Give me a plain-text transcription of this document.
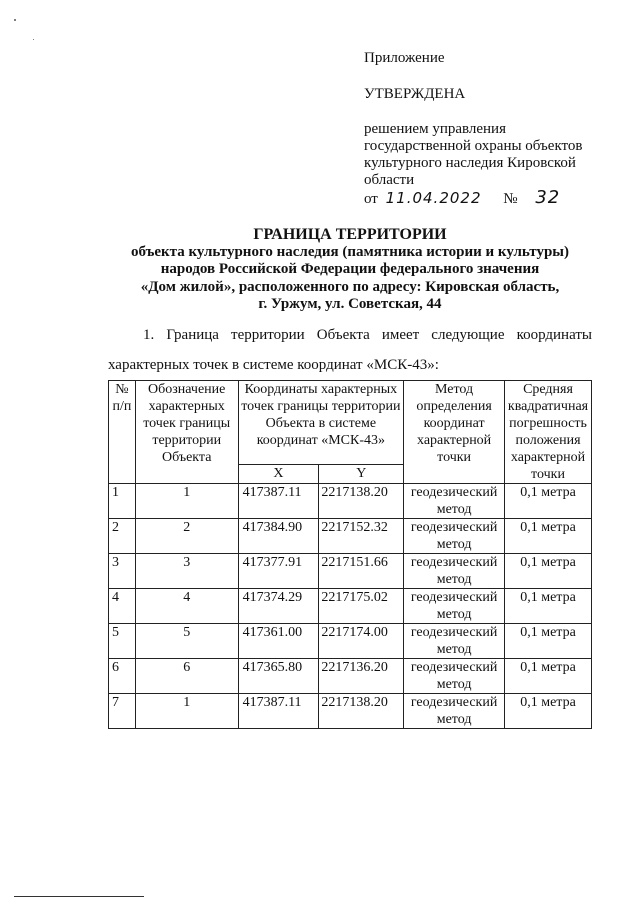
Приложение
УТВЕРЖДЕНА
решением управления государственной охраны объектов культурного наследия Кировской области
от 11.04.2022 № 32
ГРАНИЦА ТЕРРИТОРИИ
объекта культурного наследия (памятника истории и культуры)
народов Российской Федерации федерального значения
«Дом жилой», расположенного по адресу: Кировская область,
г. Уржум, ул. Советская, 44
1. Граница территории Объекта имеет следующие координаты
характерных точек в системе координат «МСК-43»:
№ п/п	Обозначение характерных точек границы территории Объекта	Координаты характерных точек границы территории Объекта в системе координат «МСК-43»		Метод определения координат характерной точки	Средняя квадратичная погрешность положения характерной точки
		X	Y		
1	1	417387.11	2217138.20	геодезический метод	0,1 метра
2	2	417384.90	2217152.32	геодезический метод	0,1 метра
3	3	417377.91	2217151.66	геодезический метод	0,1 метра
4	4	417374.29	2217175.02	геодезический метод	0,1 метра
5	5	417361.00	2217174.00	геодезический метод	0,1 метра
6	6	417365.80	2217136.20	геодезический метод	0,1 метра
7	1	417387.11	2217138.20	геодезический метод	0,1 метра
